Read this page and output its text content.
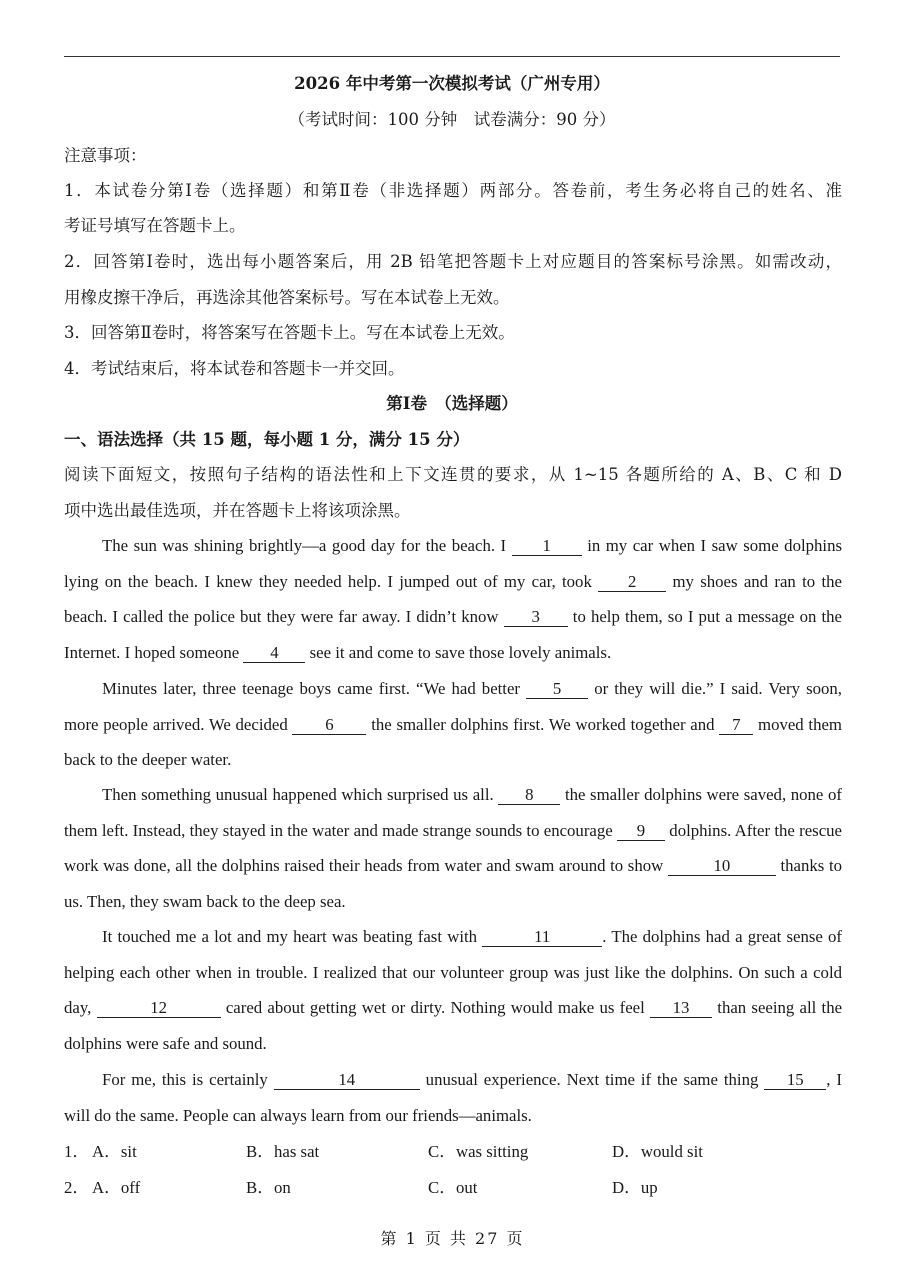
2026 年中考第一次模拟考试（广州专用）
（考试时间：100 分钟　试卷满分：90 分）
注意事项：
1．本试卷分第Ⅰ卷（选择题）和第Ⅱ卷（非选择题）两部分。答卷前，考生务必将自己的姓名、准
考证号填写在答题卡上。
2．回答第Ⅰ卷时，选出每小题答案后，用 2B 铅笔把答题卡上对应题目的答案标号涂黑。如需改动，
用橡皮擦干净后，再选涂其他答案标号。写在本试卷上无效。
3．回答第Ⅱ卷时，将答案写在答题卡上。写在本试卷上无效。
4．考试结束后，将本试卷和答题卡一并交回。
第Ⅰ卷　（选择题）
一、语法选择（共 15 题，每小题 1 分，满分 15 分）
阅读下面短文，按照句子结构的语法性和上下文连贯的要求，从 1~15 各题所给的 A、B、C 和 D
项中选出最佳选项，并在答题卡上将该项涂黑。

The sun was shining brightly—a good day for the beach. I 1 in my car when I saw some dolphins lying on the beach. I knew they needed help. I jumped out of my car, took 2 my shoes and ran to the beach. I called the police but they were far away. I didn’t know 3 to help them, so I put a message on the Internet. I hoped someone 4 see it and come to save those lovely animals.

Minutes later, three teenage boys came first. “We had better 5 or they will die.” I said. Very soon, more people arrived. We decided 6 the smaller dolphins first. We worked together and 7 moved them back to the deeper water.

Then something unusual happened which surprised us all. 8 the smaller dolphins were saved, none of them left. Instead, they stayed in the water and made strange sounds to encourage 9 dolphins. After the rescue work was done, all the dolphins raised their heads from water and swam around to show	10	thanks to us. Then, they swam back to the deep sea.

It touched me a lot and my heart was beating fast with	11	. The dolphins had a great sense of helping each other when in trouble. I realized that our volunteer group was just like the dolphins. On such a cold day,	12	cared about getting wet or dirty. Nothing would make us feel 13 than seeing all the dolphins were safe and sound.

For me, this is certainly	14	unusual experience. Next time if the same thing 15 , I will do the same. People can always learn from our friends—animals.

1． A．sit	B．has sat	C．was sitting	D．would sit
2． A．off	B．on	C．out	D．up
第 1 页 共 27 页
